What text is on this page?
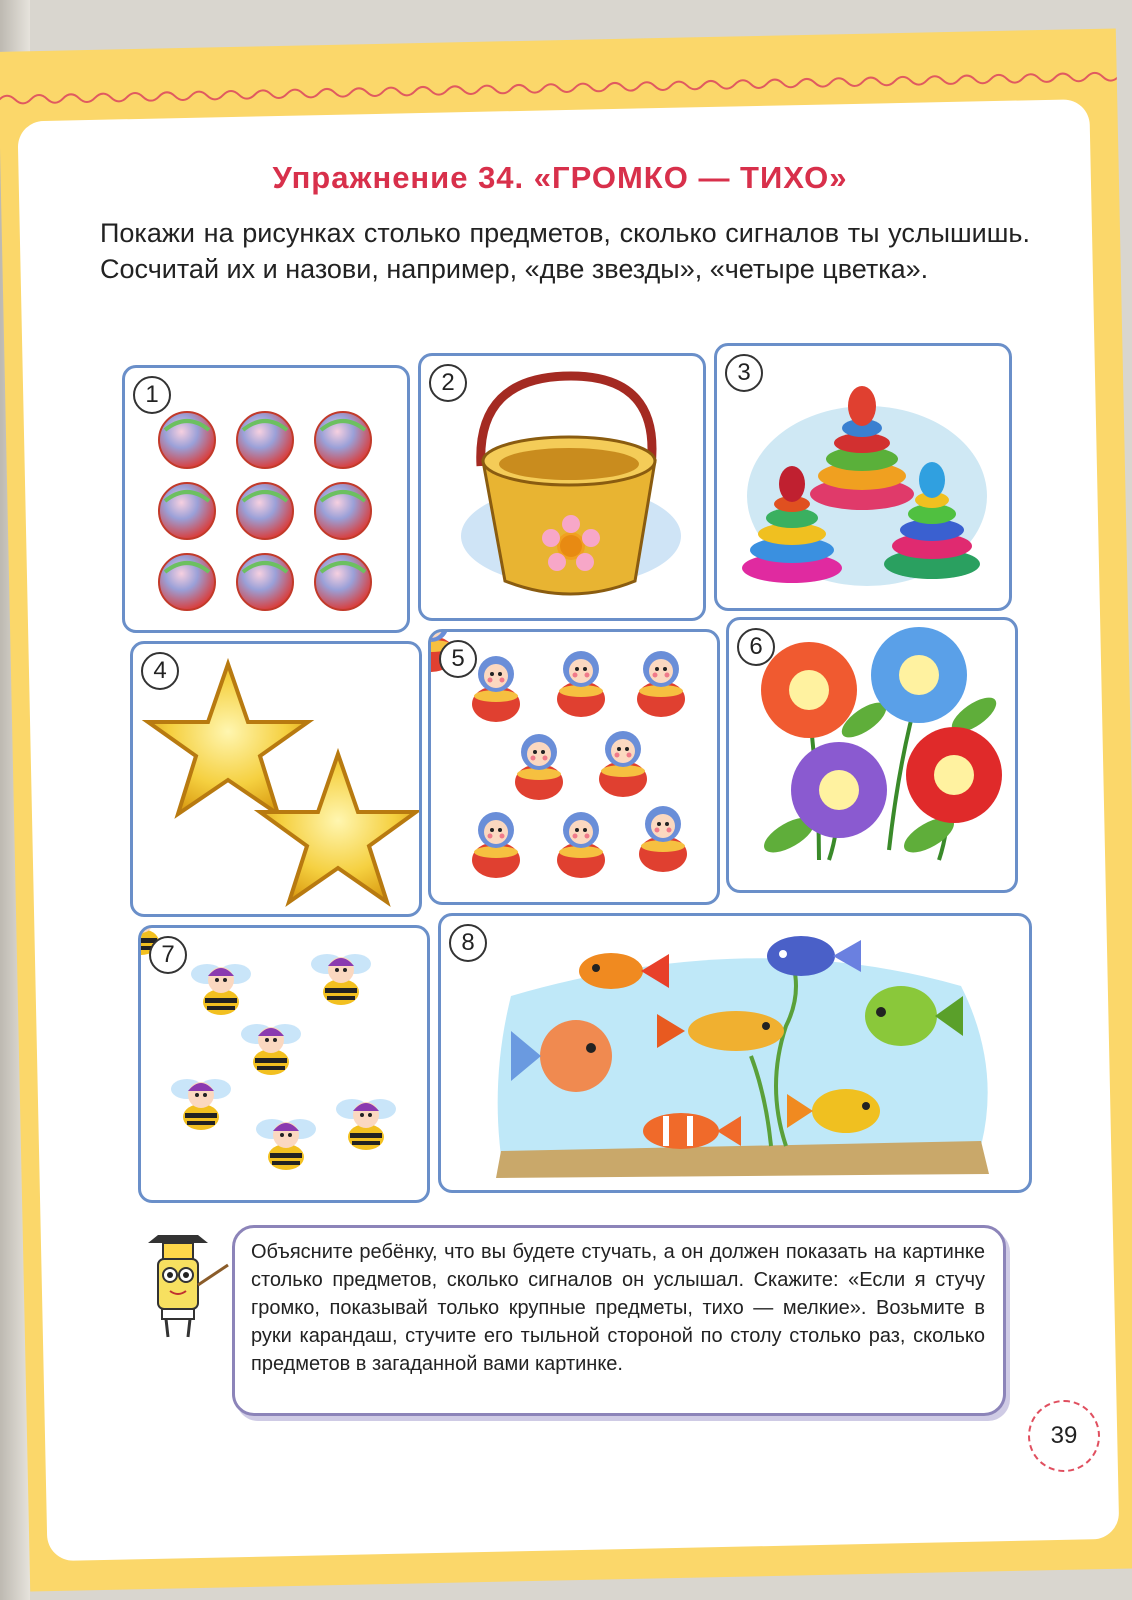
Упражнение 34. «ГРОМКО — ТИХО»
Покажи на рисунках столько предметов, сколько сигналов ты услышишь. Сосчитай их и назови, например, «две звезды», «четыре цветка».
1	2	3
4	5	6
7	8
Объясните ребёнку, что вы будете стучать, а он должен показать на картинке столько предметов, сколько сигналов он услышал. Скажите: «Если я стучу громко, показывай только крупные предметы, тихо — мелкие». Возьмите в руки карандаш, стучите его тыльной стороной по столу столько раз, сколько предметов в загаданной вами картинке.
39
